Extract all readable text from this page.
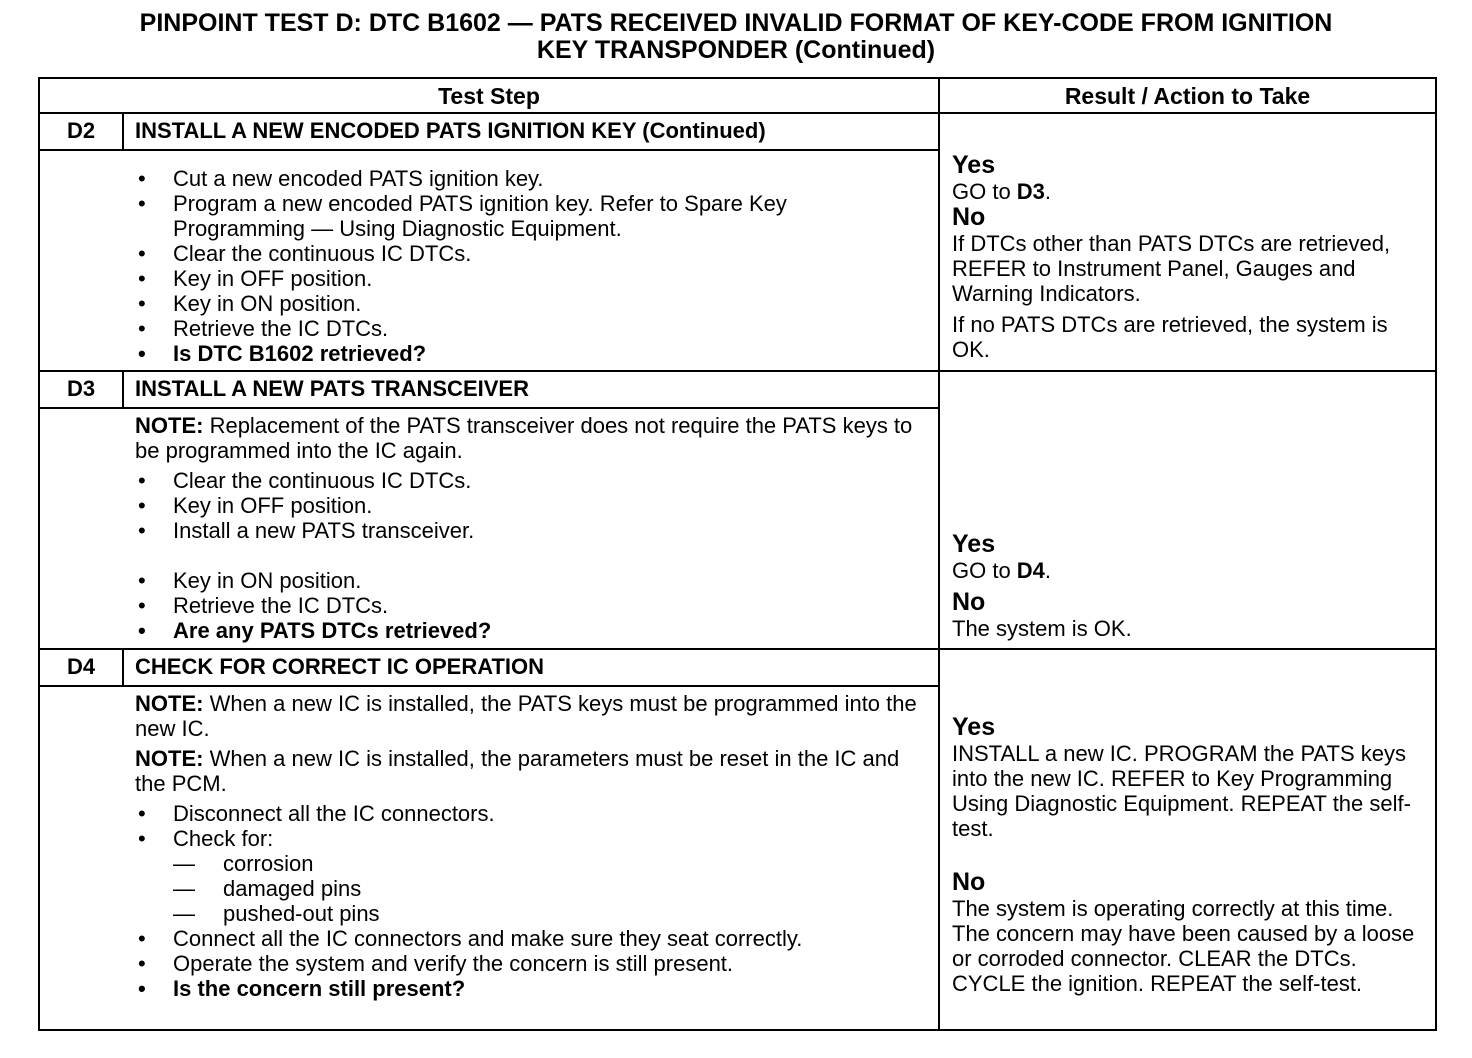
PINPOINT TEST D: DTC B1602 — PATS RECEIVED INVALID FORMAT OF KEY-CODE FROM IGNITION
KEY TRANSPONDER (Continued)
Test Step	Result / Action to Take
D2	INSTALL A NEW ENCODED PATS IGNITION KEY (Continued)
• Cut a new encoded PATS ignition key.
• Program a new encoded PATS ignition key. Refer to Spare Key Programming — Using Diagnostic Equipment.
• Clear the continuous IC DTCs.
• Key in OFF position.
• Key in ON position.
• Retrieve the IC DTCs.
• Is DTC B1602 retrieved?
Yes

GO to D3.

No

If DTCs other than PATS DTCs are retrieved, REFER to Instrument Panel, Gauges and Warning Indicators.

If no PATS DTCs are retrieved, the system is OK.

D3	INSTALL A NEW PATS TRANSCEIVER
NOTE: Replacement of the PATS transceiver does not require the PATS keys to be programmed into the IC again.
• Clear the continuous IC DTCs.
• Key in OFF position.
• Install a new PATS transceiver.
• Key in ON position.
• Retrieve the IC DTCs.
• Are any PATS DTCs retrieved?
Yes

GO to D4.

No

The system is OK.

D4	CHECK FOR CORRECT IC OPERATION
NOTE: When a new IC is installed, the PATS keys must be programmed into the new IC.
NOTE: When a new IC is installed, the parameters must be reset in the IC and the PCM.
• Disconnect all the IC connectors.
• Check for:
— corrosion
— damaged pins
— pushed-out pins
• Connect all the IC connectors and make sure they seat correctly.
• Operate the system and verify the concern is still present.
• Is the concern still present?
Yes

INSTALL a new IC. PROGRAM the PATS keys into the new IC. REFER to Key Programming Using Diagnostic Equipment. REPEAT the self-test.

No

The system is operating correctly at this time. The concern may have been caused by a loose or corroded connector. CLEAR the DTCs. CYCLE the ignition. REPEAT the self-test.
